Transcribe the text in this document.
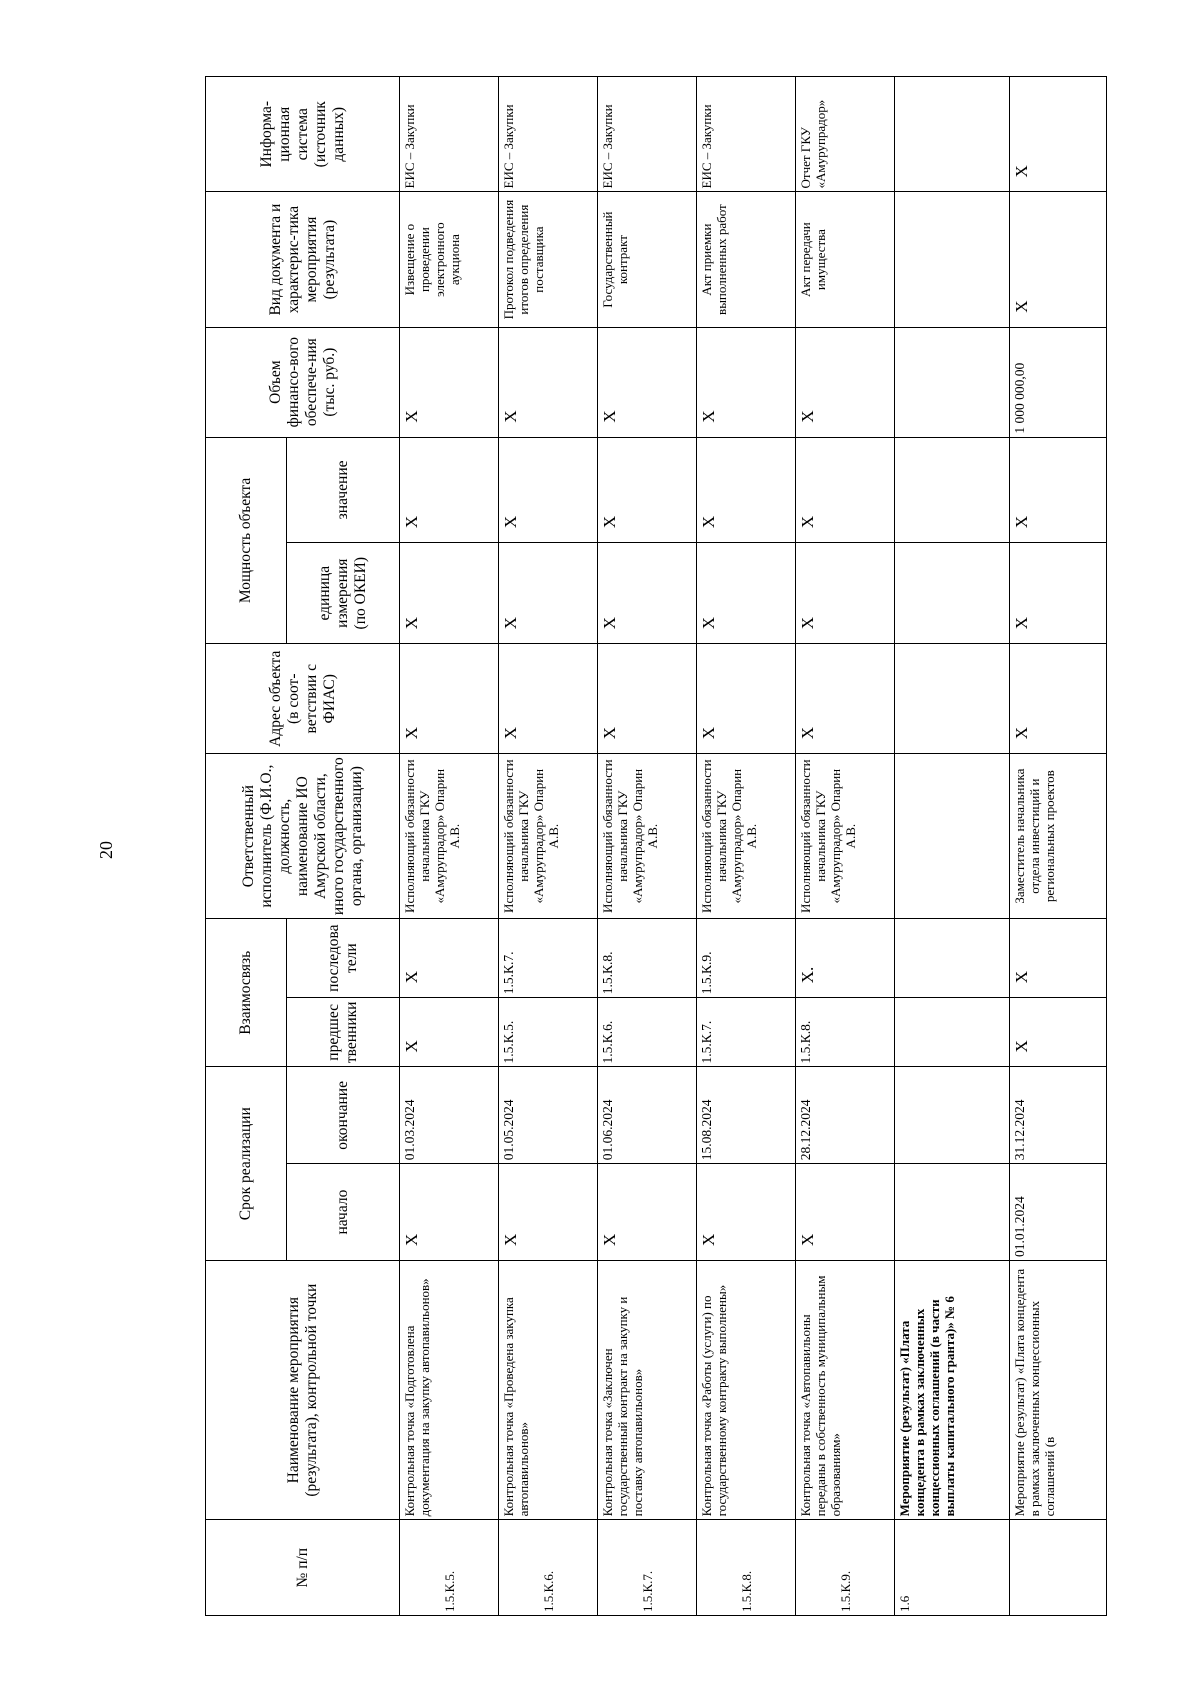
20
№ п/п	Наименование мероприятия (результата), контрольной точки	Срок реализации		Взаимосвязь		Ответственный исполнитель (Ф.И.О., должность, наименование ИО Амурской области, иного государственного органа, организации)	Адрес объекта (в соот-ветствии с ФИАС)	Мощность объекта		Объем финансо-вого обеспече-ния (тыс. руб.)	Вид документа и характерис-тика мероприятия (результата)	Информа-ционная система (источник данных)
		начало	окончание	предшественники	последователи			единица измерения (по ОКЕИ)	значение			
1.5.К.5.	Контрольная точка «Подготовлена документация на закупку автопавильонов»	Х	01.03.2024	Х	Х	Исполняющий обязанности начальника ГКУ «Амурупрадор» Опарин А.В.	Х	Х	Х	Х	Извещение о проведении электронного аукциона	ЕИС – Закупки
1.5.К.6.	Контрольная точка «Проведена закупка автопавильонов»	Х	01.05.2024	1.5.К.5.	1.5.К.7.	Исполняющий обязанности начальника ГКУ «Амурупрадор» Опарин А.В.	Х	Х	Х	Х	Протокол подведения итогов определения поставщика	ЕИС – Закупки
1.5.К.7.	Контрольная точка «Заключен государственный контракт на закупку и поставку автопавильонов»	Х	01.06.2024	1.5.К.6.	1.5.К.8.	Исполняющий обязанности начальника ГКУ «Амурупрадор» Опарин А.В.	Х	Х	Х	Х	Государственный контракт	ЕИС – Закупки
1.5.К.8.	Контрольная точка «Работы (услуги) по государственному контракту выполнены»	Х	15.08.2024	1.5.К.7.	1.5.К.9.	Исполняющий обязанности начальника ГКУ «Амурупрадор» Опарин А.В.	Х	Х	Х	Х	Акт приемки выполненных работ	ЕИС – Закупки
1.5.К.9.	Контрольная точка «Автопавильоны переданы в собственность муниципальным образованиям»	Х	28.12.2024	1.5.К.8.	Х.	Исполняющий обязанности начальника ГКУ «Амурупрадор» Опарин А.В.	Х	Х	Х	Х	Акт передачи имущества	Отчет ГКУ «Амурупрадор»
1.6	Мероприятие (результат) «Плата концедента в рамках заключенных концессионных соглашений (в части выплаты капитального гранта)» № 6											
	Мероприятие (результат) «Плата концедента в рамках заключенных концессионных соглашений (в	01.01.2024	31.12.2024	Х	Х	Заместитель начальника отдела инвестиций и региональных проектов	Х	Х	Х	1 000 000,00	Х	Х
